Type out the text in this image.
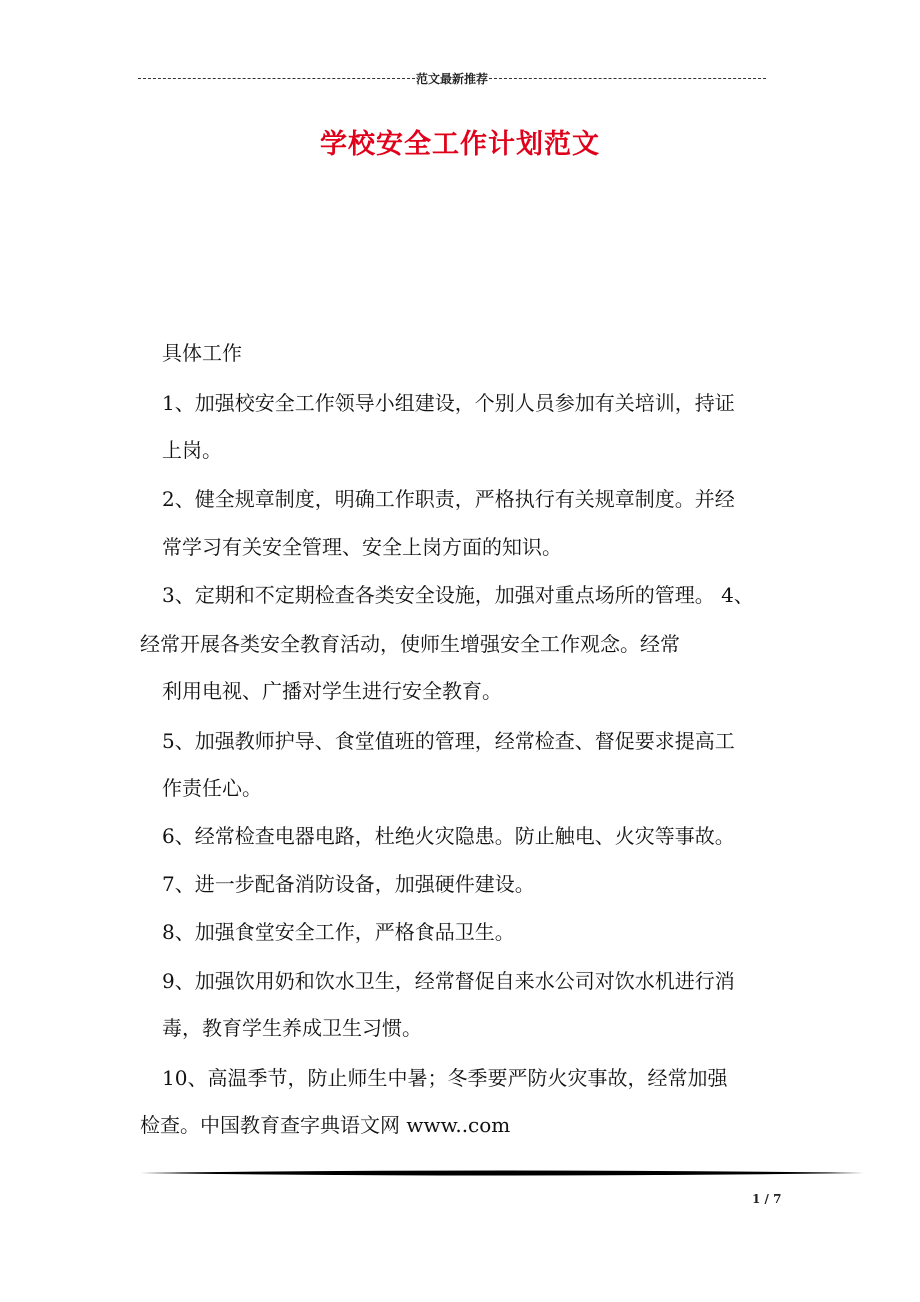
范文最新推荐
学校安全工作计划范文
具体工作
1、加强校安全工作领导小组建设，个别人员参加有关培训，持证
上岗。
2、健全规章制度，明确工作职责，严格执行有关规章制度。并经
常学习有关安全管理、安全上岗方面的知识。
3、定期和不定期检查各类安全设施，加强对重点场所的管理。 4、
经常开展各类安全教育活动，使师生增强安全工作观念。经常
利用电视、广播对学生进行安全教育。
5、加强教师护导、食堂值班的管理，经常检查、督促要求提高工
作责任心。
6、经常检查电器电路，杜绝火灾隐患。防止触电、火灾等事故。
7、进一步配备消防设备，加强硬件建设。
8、加强食堂安全工作，严格食品卫生。
9、加强饮用奶和饮水卫生，经常督促自来水公司对饮水机进行消
毒，教育学生养成卫生习惯。
10、高温季节，防止师生中暑；冬季要严防火灾事故，经常加强
检查。中国教育查字典语文网 www..com
1 / 7
